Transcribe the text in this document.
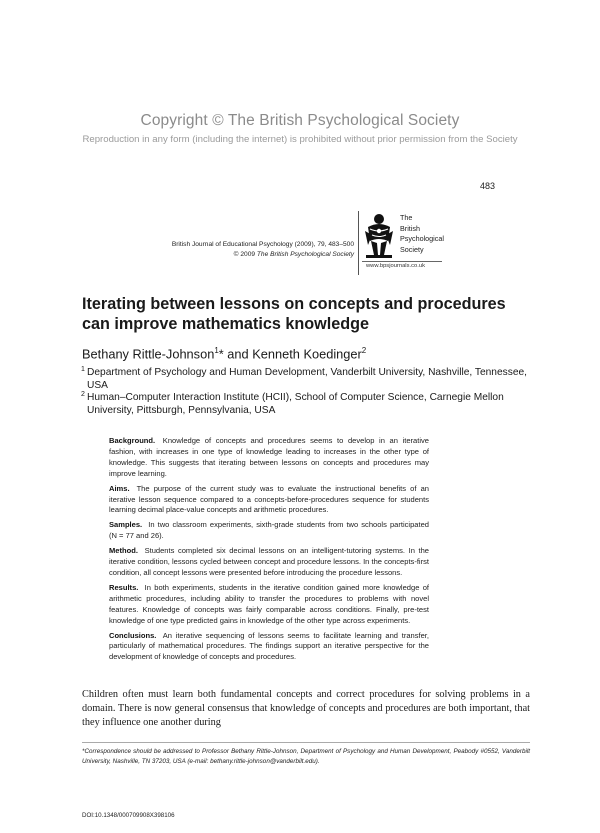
Copyright © The British Psychological Society
Reproduction in any form (including the internet) is prohibited without prior permission from the Society
483
British Journal of Educational Psychology (2009), 79, 483–500
© 2009 The British Psychological Society
The
British
Psychological
Society
www.bpsjournals.co.uk
Iterating between lessons on concepts and procedures can improve mathematics knowledge
Bethany Rittle-Johnson$^1$* and Kenneth Koedinger$^2$
1 Department of Psychology and Human Development, Vanderbilt University, Nashville, Tennessee, USA
2 Human–Computer Interaction Institute (HCII), School of Computer Science, Carnegie Mellon University, Pittsburgh, Pennsylvania, USA

Background. Knowledge of concepts and procedures seems to develop in an iterative fashion, with increases in one type of knowledge leading to increases in the other type of knowledge. This suggests that iterating between lessons on concepts and procedures may improve learning.

Aims. The purpose of the current study was to evaluate the instructional benefits of an iterative lesson sequence compared to a concepts-before-procedures sequence for students learning decimal place-value concepts and arithmetic procedures.

Samples. In two classroom experiments, sixth-grade students from two schools participated (N = 77 and 26).

Method. Students completed six decimal lessons on an intelligent-tutoring systems. In the iterative condition, lessons cycled between concept and procedure lessons. In the concepts-first condition, all concept lessons were presented before introducing the procedure lessons.

Results. In both experiments, students in the iterative condition gained more knowledge of arithmetic procedures, including ability to transfer the procedures to problems with novel features. Knowledge of concepts was fairly comparable across conditions. Finally, pre-test knowledge of one type predicted gains in knowledge of the other type across experiments.

Conclusions. An iterative sequencing of lessons seems to facilitate learning and transfer, particularly of mathematical procedures. The findings support an iterative perspective for the development of knowledge of concepts and procedures.

Children often must learn both fundamental concepts and correct procedures for solving problems in a domain. There is now general consensus that knowledge of concepts and procedures are both important, that they influence one another during

*Correspondence should be addressed to Professor Bethany Rittle-Johnson, Department of Psychology and Human Development, Peabody #0552, Vanderbilt University, Nashville, TN 37203, USA (e-mail: bethany.rittle-johnson@vanderbilt.edu).

DOI:10.1348/000709908X398106
